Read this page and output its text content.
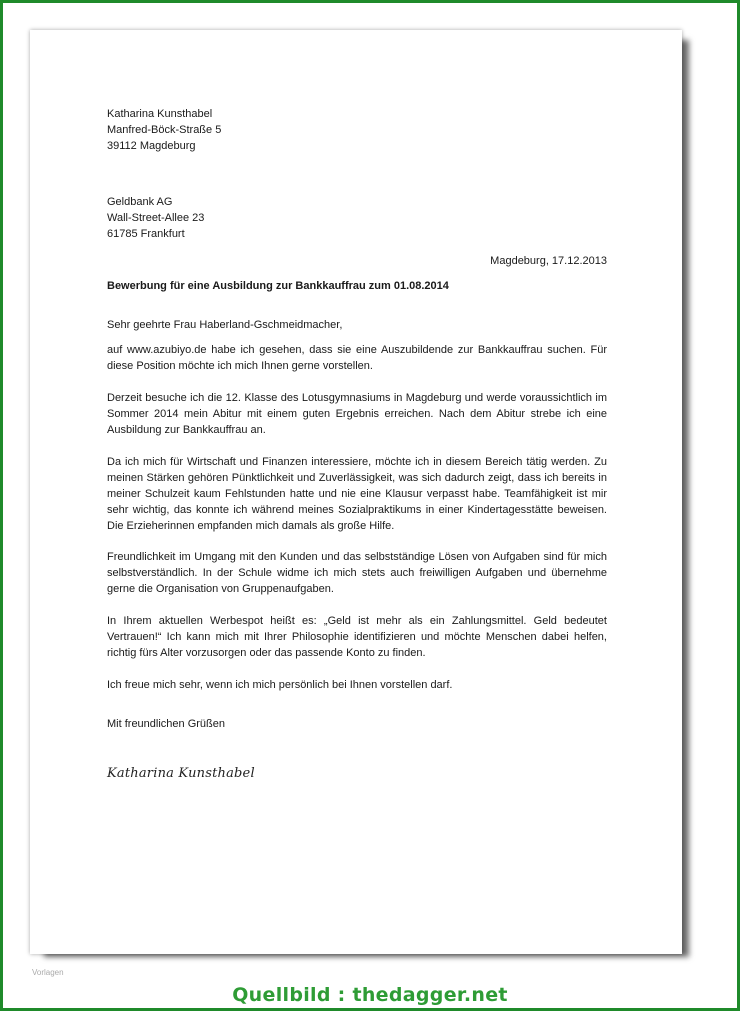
Katharina Kunsthabel
Manfred-Böck-Straße 5
39112 Magdeburg
Geldbank AG
Wall-Street-Allee 23
61785 Frankfurt
Magdeburg, 17.12.2013
Bewerbung für eine Ausbildung zur Bankkauffrau zum 01.08.2014
Sehr geehrte Frau Haberland-Gschmeidmacher,
auf www.azubiyo.de habe ich gesehen, dass sie eine Auszubildende zur Bankkauffrau suchen. Für diese Position möchte ich mich Ihnen gerne vorstellen.
Derzeit besuche ich die 12. Klasse des Lotusgymnasiums in Magdeburg und werde voraussichtlich im Sommer 2014 mein Abitur mit einem guten Ergebnis erreichen. Nach dem Abitur strebe ich eine Ausbildung zur Bankkauffrau an.
Da ich mich für Wirtschaft und Finanzen interessiere, möchte ich in diesem Bereich tätig werden. Zu meinen Stärken gehören Pünktlichkeit und Zuverlässigkeit, was sich dadurch zeigt, dass ich bereits in meiner Schulzeit kaum Fehlstunden hatte und nie eine Klausur verpasst habe. Teamfähigkeit ist mir sehr wichtig, das konnte ich während meines Sozialpraktikums in einer Kindertagesstätte beweisen. Die Erzieherinnen empfanden mich damals als große Hilfe.
Freundlichkeit im Umgang mit den Kunden und das selbstständige Lösen von Aufgaben sind für mich selbstverständlich. In der Schule widme ich mich stets auch freiwilligen Aufgaben und übernehme gerne die Organisation von Gruppenaufgaben.
In Ihrem aktuellen Werbespot heißt es: „Geld ist mehr als ein Zahlungsmittel. Geld bedeutet Vertrauen!“ Ich kann mich mit Ihrer Philosophie identifizieren und möchte Menschen dabei helfen, richtig fürs Alter vorzusorgen oder das passende Konto zu finden.
Ich freue mich sehr, wenn ich mich persönlich bei Ihnen vorstellen darf.
Mit freundlichen Grüßen
Katharina Kunsthabel
Vorlagen
Quellbild : thedagger.net
